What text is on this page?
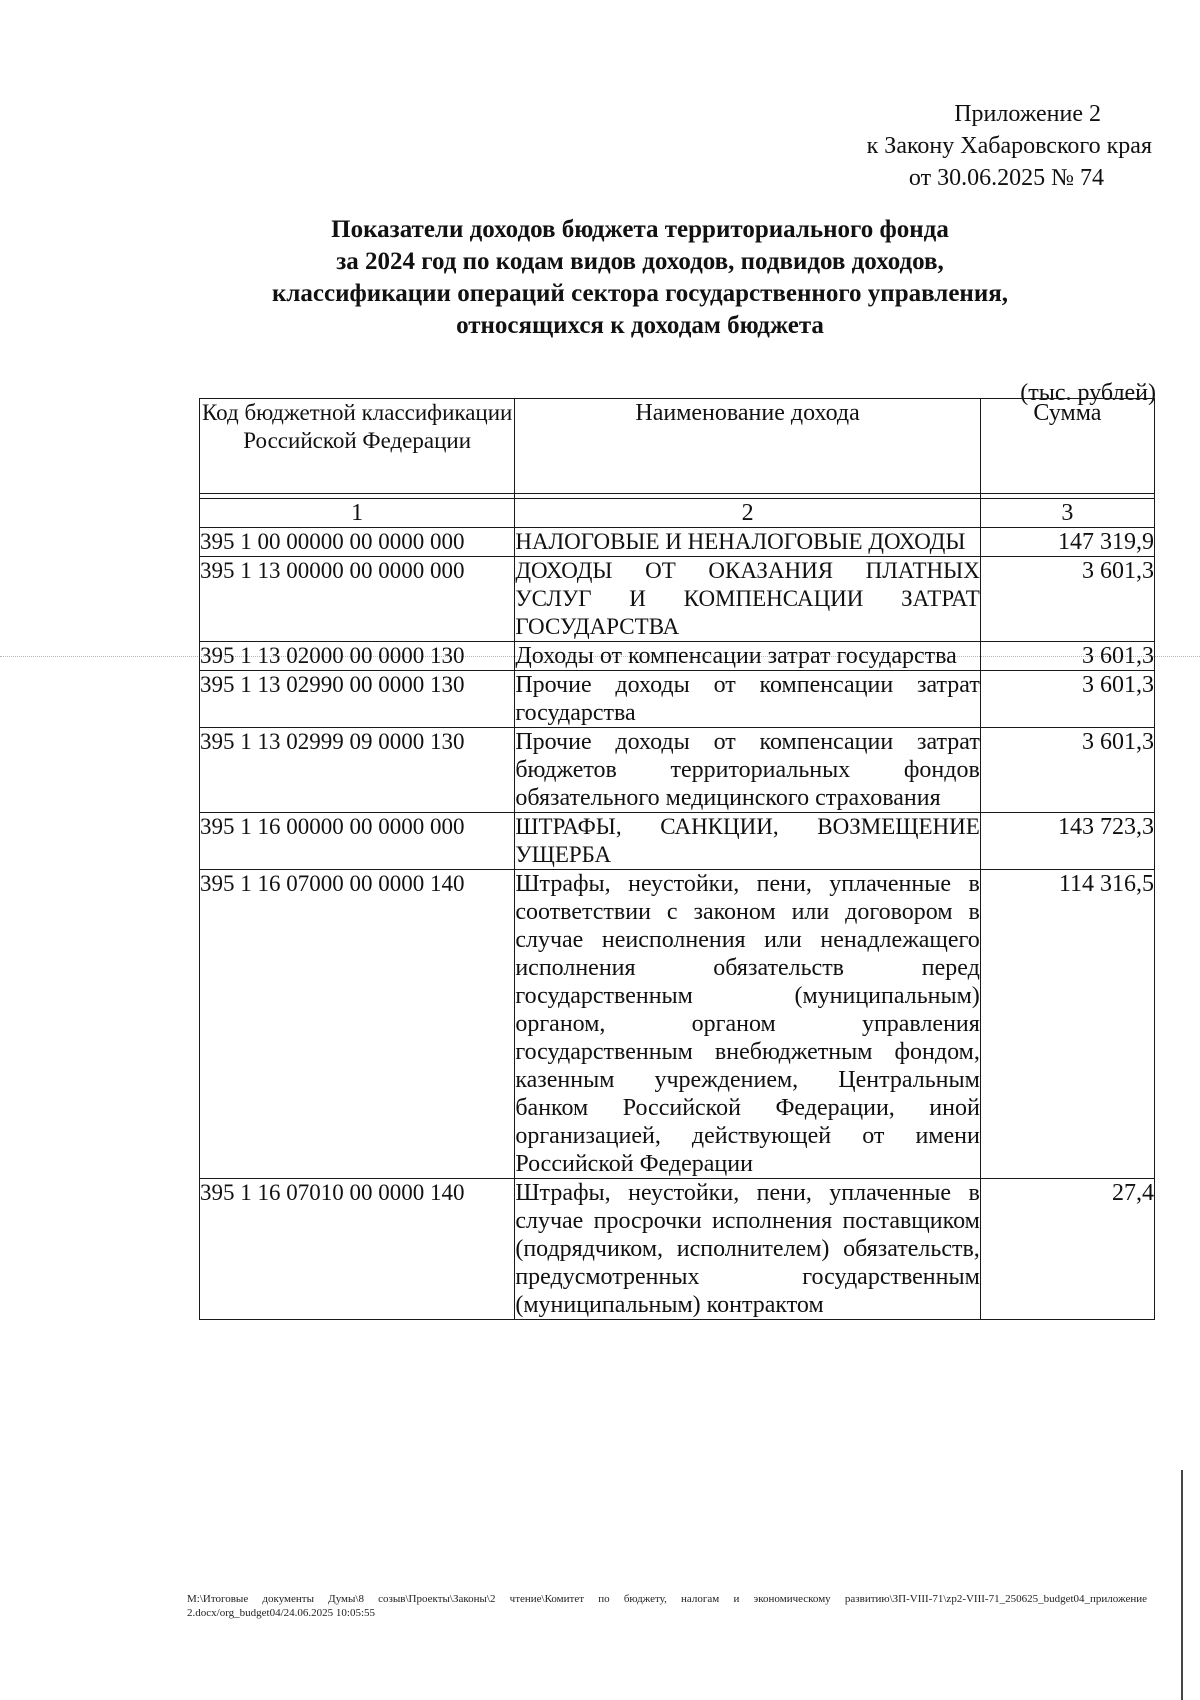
Приложение 2
к Закону Хабаровского края
от 30.06.2025 № 74
Показатели доходов бюджета территориального фонда
за 2024 год по кодам видов доходов, подвидов доходов,
классификации операций сектора государственного управления,
относящихся к доходам бюджета
(тыс. рублей)
Код бюджетной классификации Российской Федерации	Наименование дохода	Сумма

1	2	3
395 1 00 00000 00 0000 000	НАЛОГОВЫЕ И НЕНАЛОГОВЫЕ ДОХОДЫ	147 319,9
395 1 13 00000 00 0000 000	ДОХОДЫ ОТ ОКАЗАНИЯ ПЛАТНЫХ УСЛУГ И КОМПЕНСАЦИИ ЗАТРАТ ГОСУДАРСТВА	3 601,3
395 1 13 02000 00 0000 130	Доходы от компенсации затрат государства	3 601,3
395 1 13 02990 00 0000 130	Прочие доходы от компенсации затрат государства	3 601,3
395 1 13 02999 09 0000 130	Прочие доходы от компенсации затрат бюджетов территориальных фондов обязательного медицинского страхования	3 601,3
395 1 16 00000 00 0000 000	ШТРАФЫ, САНКЦИИ, ВОЗМЕЩЕНИЕ УЩЕРБА	143 723,3
395 1 16 07000 00 0000 140	Штрафы, неустойки, пени, уплаченные в соответствии с законом или договором в случае неисполнения или ненадлежащего исполнения обязательств перед государственным (муниципальным) органом, органом управления государственным внебюджетным фондом, казенным учреждением, Центральным банком Российской Федерации, иной организацией, действующей от имени Российской Федерации	114 316,5
395 1 16 07010 00 0000 140	Штрафы, неустойки, пени, уплаченные в случае просрочки исполнения поставщиком (подрядчиком, исполнителем) обязательств, предусмотренных государственным (муниципальным) контрактом	27,4
M:\Итоговые документы Думы\8 созыв\Проекты\Законы\2 чтение\Комитет по бюджету, налогам и экономическому развитию\ЗП-VIII-71\zp2-VIII-71_250625_budget04_приложение 2.docx/org_budget04/24.06.2025 10:05:55
